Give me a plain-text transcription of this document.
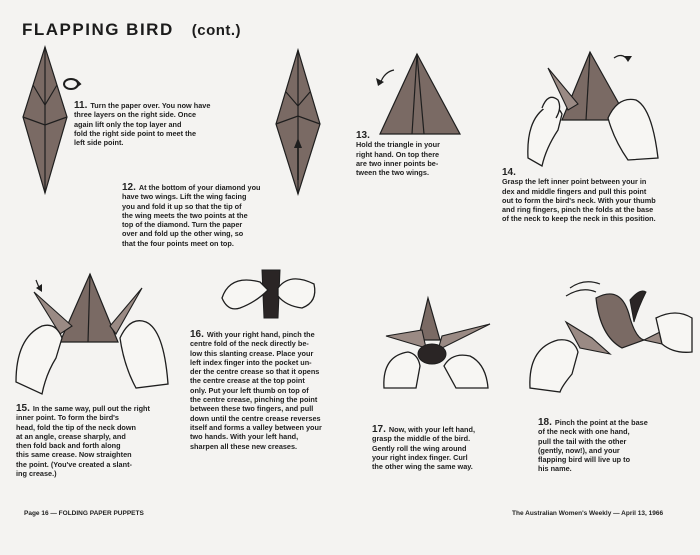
FLAPPING BIRD (cont.)
11. Turn the paper over. You now have
three layers on the right side. Once
again lift only the top layer and
fold the right side point to meet the
left side point.
12. At the bottom of your diamond you
have two wings. Lift the wing facing
you and fold it up so that the tip of
the wing meets the two points at the
top of the diamond. Turn the paper
over and fold up the other wing, so
that the four points meet on top.
13.
Hold the triangle in your
right hand. On top there
are two inner points be-
tween the two wings.	14.
Grasp the left inner point between your in
dex and middle fingers and pull this point
out to form the bird's neck. With your thumb
and ring fingers, pinch the folds at the base
of the neck to keep the neck in this position.
15. In the same way, pull out the right
inner point. To form the bird's
head, fold the tip of the neck down
at an angle, crease sharply, and
then fold back and forth along
this same crease. Now straighten
the point. (You've created a slant-
ing crease.)
16. With your right hand, pinch the
centre fold of the neck directly be-
low this slanting crease. Place your
left index finger into the pocket un-
der the centre crease so that it opens
the centre crease at the top point
only. Put your left thumb on top of
the centre crease, pinching the point
between these two fingers, and pull
down until the centre crease reverses
itself and forms a valley between your
two hands. With your left hand,
sharpen all these new creases.
17. Now, with your left hand,
grasp the middle of the bird.
Gently roll the wing around
your right index finger. Curl
the other wing the same way.
18. Pinch the point at the base
of the neck with one hand,
pull the tail with the other
(gently, now!), and your
flapping bird will live up to
his name.
Page 16 — FOLDING PAPER PUPPETS	The Australian Women's Weekly — April 13, 1966
